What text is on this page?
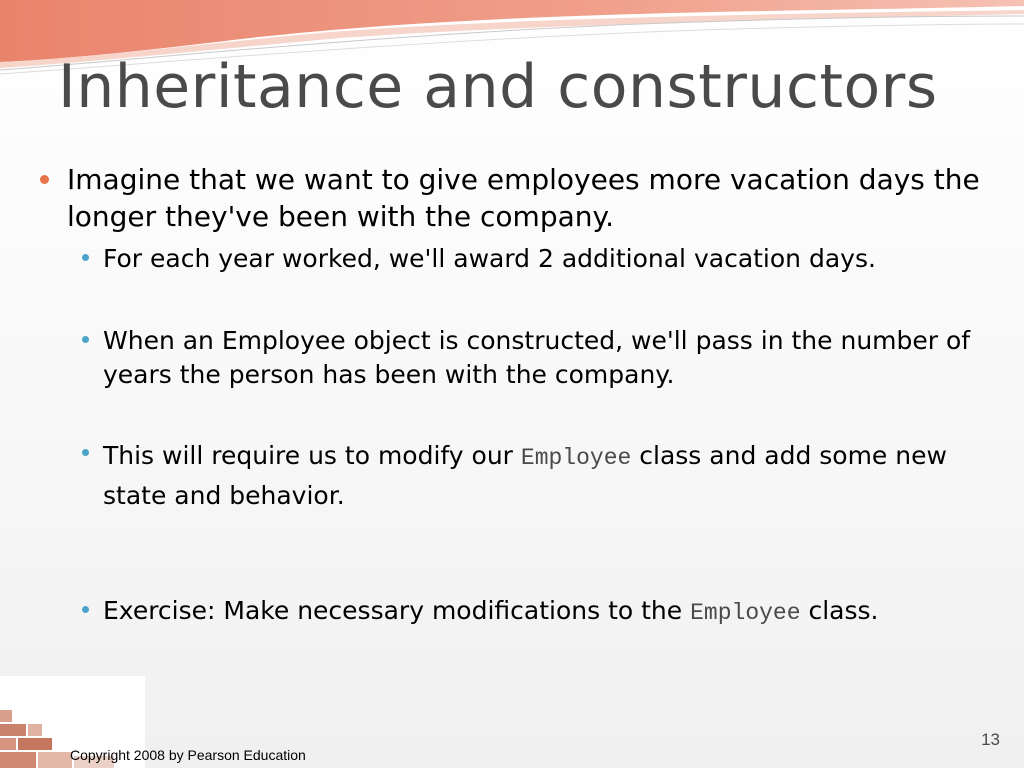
Inheritance and constructors
Imagine that we want to give employees more vacation days the longer they've been with the company.
For each year worked, we'll award 2 additional vacation days.
When an Employee object is constructed, we'll pass in the number of years the person has been with the company.
This will require us to modify our Employee class and add some new state and behavior.
Exercise: Make necessary modifications to the Employee class.
Copyright 2008 by Pearson Education
13
